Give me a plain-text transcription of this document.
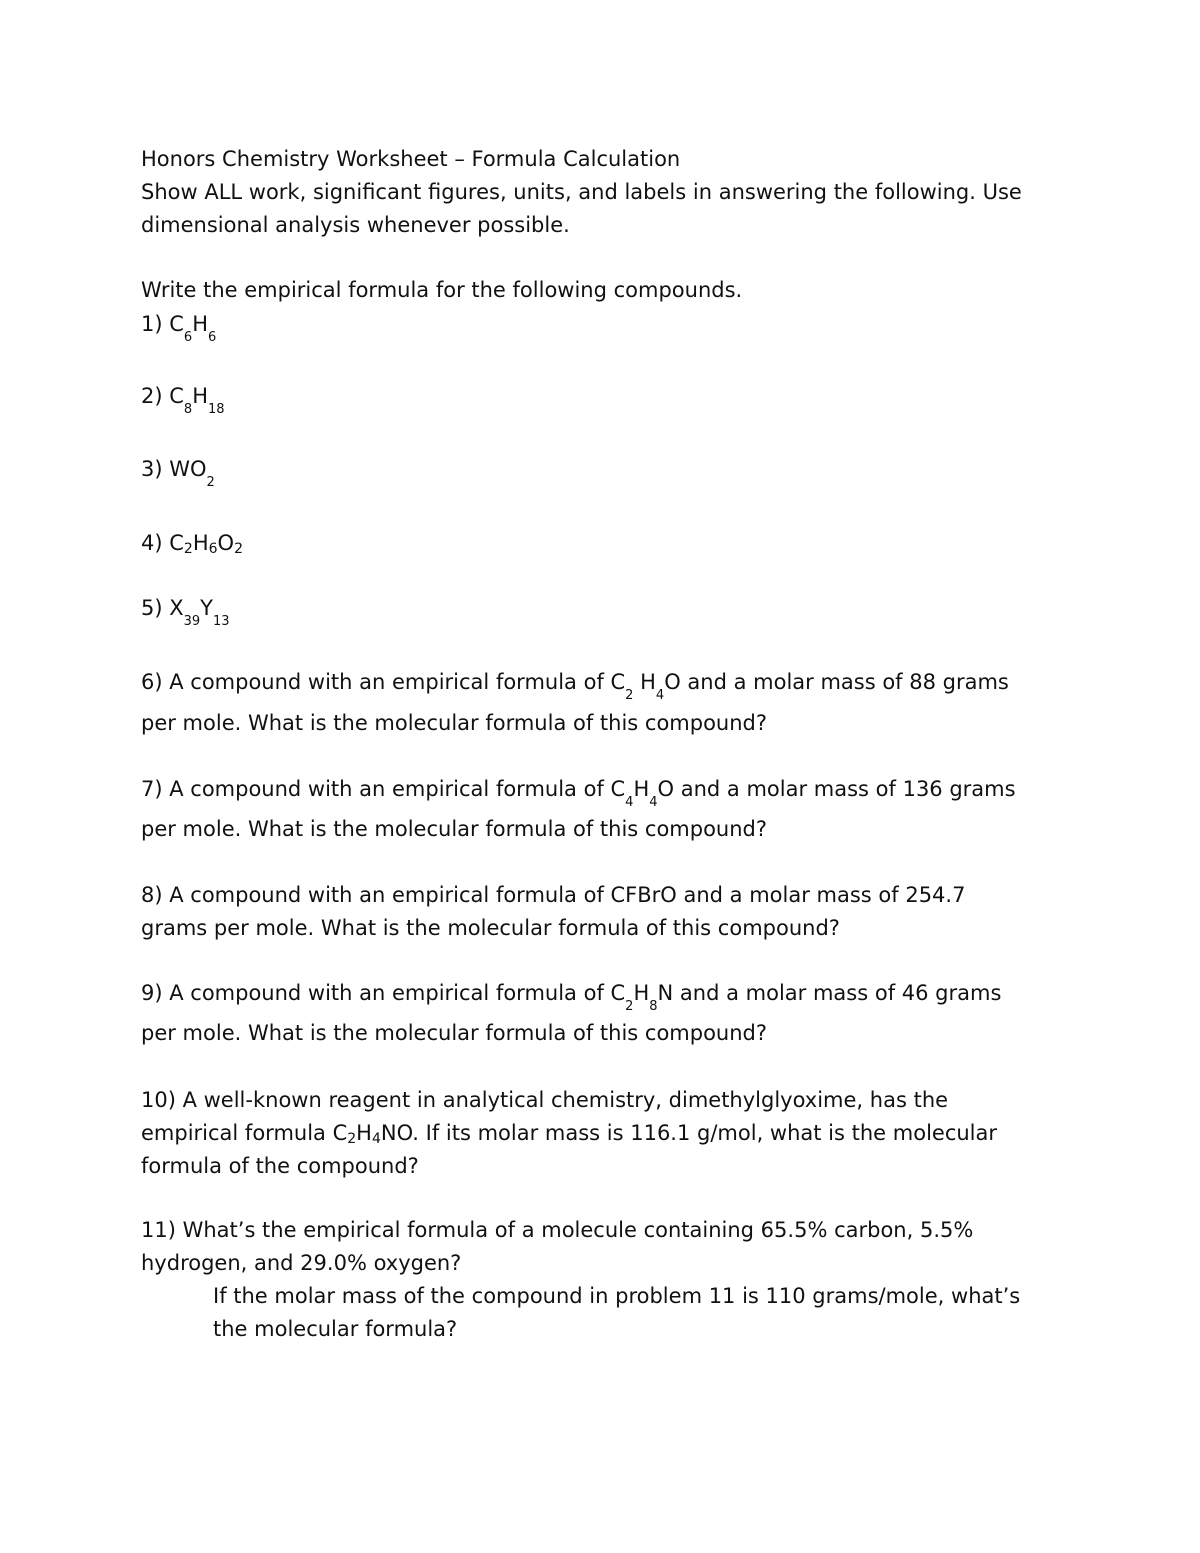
Honors Chemistry Worksheet – Formula Calculation
Show ALL work, significant figures, units, and labels in answering the following. Use
dimensional analysis whenever possible.
Write the empirical formula for the following compounds.
1) $C_6H_6$
2) $C_8H_{18}$
3) $WO_2$
4) C2H6O2
5) $X_{39}Y_{13}$
6) A compound with an empirical formula of $C_2$ $H_4O$ and a molar mass of 88 grams
per mole. What is the molecular formula of this compound?
7) A compound with an empirical formula of $C_4H_4O$ and a molar mass of 136 grams
per mole. What is the molecular formula of this compound?
8) A compound with an empirical formula of CFBrO and a molar mass of 254.7
grams per mole. What is the molecular formula of this compound?
9) A compound with an empirical formula of $C_2H_8N$ and a molar mass of 46 grams
per mole. What is the molecular formula of this compound?
10) A well-known reagent in analytical chemistry, dimethylglyoxime, has the
empirical formula C2H4NO. If its molar mass is 116.1 g/mol, what is the molecular
formula of the compound?
11) What’s the empirical formula of a molecule containing 65.5% carbon, 5.5%
hydrogen, and 29.0% oxygen?
If the molar mass of the compound in problem 11 is 110 grams/mole, what’s
the molecular formula?
